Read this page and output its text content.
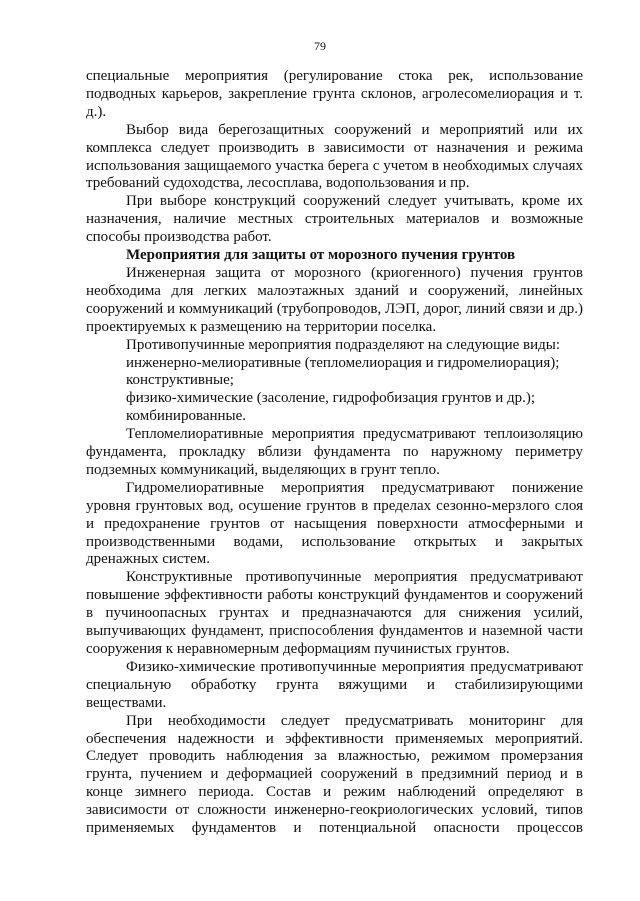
79

специальные мероприятия (регулирование стока рек, использование подводных карьеров, закрепление грунта склонов, агролесомелиорация и т. д.).

Выбор вида берегозащитных сооружений и мероприятий или их комплекса следует производить в зависимости от назначения и режима использования защищаемого участка берега с учетом в необходимых случаях требований судоходства, лесосплава, водопользования и пр.

При выборе конструкций сооружений следует учитывать, кроме их назначения, наличие местных строительных материалов и возможные способы производства работ.

Мероприятия для защиты от морозного пучения грунтов

Инженерная защита от морозного (криогенного) пучения грунтов необходима для легких малоэтажных зданий и сооружений, линейных сооружений и коммуникаций (трубопроводов, ЛЭП, дорог, линий связи и др.) проектируемых к размещению на территории поселка.

Противопучинные мероприятия подразделяют на следующие виды:

инженерно-мелиоративные (тепломелиорация и гидромелиорация);

конструктивные;

физико-химические (засоление, гидрофобизация грунтов и др.);

комбинированные.

Тепломелиоративные мероприятия предусматривают теплоизоляцию фундамента, прокладку вблизи фундамента по наружному периметру подземных коммуникаций, выделяющих в грунт тепло.

Гидромелиоративные мероприятия предусматривают понижение уровня грунтовых вод, осушение грунтов в пределах сезонно-мерзлого слоя и предохранение грунтов от насыщения поверхности атмосферными и производственными водами, использование открытых и закрытых дренажных систем.

Конструктивные противопучинные мероприятия предусматривают повышение эффективности работы конструкций фундаментов и сооружений в пучиноопасных грунтах и предназначаются для снижения усилий, выпучивающих фундамент, приспособления фундаментов и наземной части сооружения к неравномерным деформациям пучинистых грунтов.

Физико-химические противопучинные мероприятия предусматривают специальную обработку грунта вяжущими и стабилизирующими веществами.

При необходимости следует предусматривать мониторинг для обеспечения надежности и эффективности применяемых мероприятий. Следует проводить наблюдения за влажностью, режимом промерзания грунта, пучением и деформацией сооружений в предзимний период и в конце зимнего периода. Состав и режим наблюдений определяют в зависимости от сложности инженерно-геокриологических условий, типов применяемых фундаментов и потенциальной опасности процессов
